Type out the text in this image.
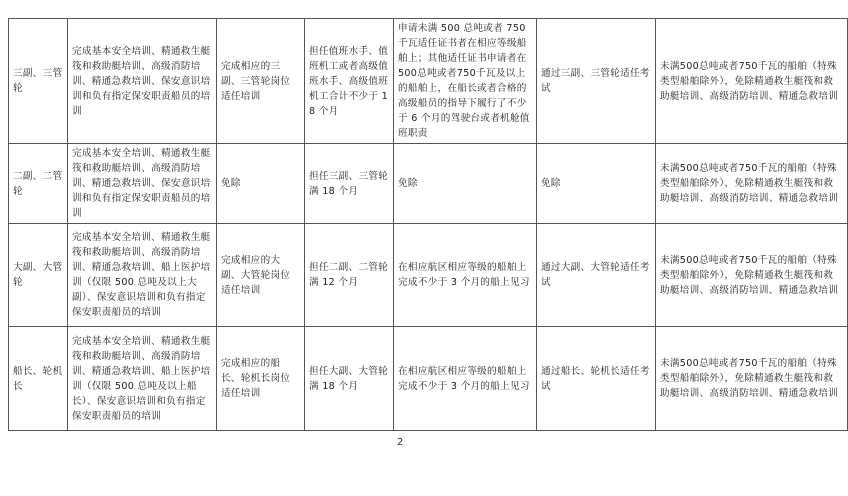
三副、三管轮	完成基本安全培训、精通救生艇筏和救助艇培训、高级消防培训、精通急救培训、保安意识培训和负有指定保安职责船员的培训	完成相应的三副、三管轮岗位适任培训	担任值班水手、值班机工或者高级值班水手、高级值班机工合计不少于 18 个月	申请未满 500 总吨或者 750 千瓦适任证书者在相应等级船舶上；其他适任证书申请者在500总吨或者750千瓦及以上的船舶上，在船长或者合格的高级船员的指导下履行了不少于 6 个月的驾驶台或者机舱值班职责	通过三副、三管轮适任考试	未满500总吨或者750千瓦的船舶（特殊类型船舶除外），免除精通救生艇筏和救助艇培训、高级消防培训、精通急救培训
二副、二管轮	完成基本安全培训、精通救生艇筏和救助艇培训、高级消防培训、精通急救培训、保安意识培训和负有指定保安职责船员的培训	免除	担任三副、三管轮满 18 个月	免除	免除	未满500总吨或者750千瓦的船舶（特殊类型船舶除外），免除精通救生艇筏和救助艇培训、高级消防培训、精通急救培训
大副、大管轮	完成基本安全培训、精通救生艇筏和救助艇培训、高级消防培训、精通急救培训、船上医护培训（仅限 500 总吨及以上大副）、保安意识培训和负有指定保安职责船员的培训	完成相应的大副、大管轮岗位适任培训	担任二副、二管轮满 12 个月	在相应航区相应等级的船舶上完成不少于 3 个月的船上见习	通过大副、大管轮适任考试	未满500总吨或者750千瓦的船舶（特殊类型船舶除外），免除精通救生艇筏和救助艇培训、高级消防培训、精通急救培训
船长、轮机长	完成基本安全培训、精通救生艇筏和救助艇培训、高级消防培训、精通急救培训、船上医护培训（仅限 500 总吨及以上船长）、保安意识培训和负有指定保安职责船员的培训	完成相应的船长、轮机长岗位适任培训	担任大副、大管轮满 18 个月	在相应航区相应等级的船舶上完成不少于 3 个月的船上见习	通过船长、轮机长适任考试	未满500总吨或者750千瓦的船舶（特殊类型船舶除外），免除精通救生艇筏和救助艇培训、高级消防培训、精通急救培训
2
